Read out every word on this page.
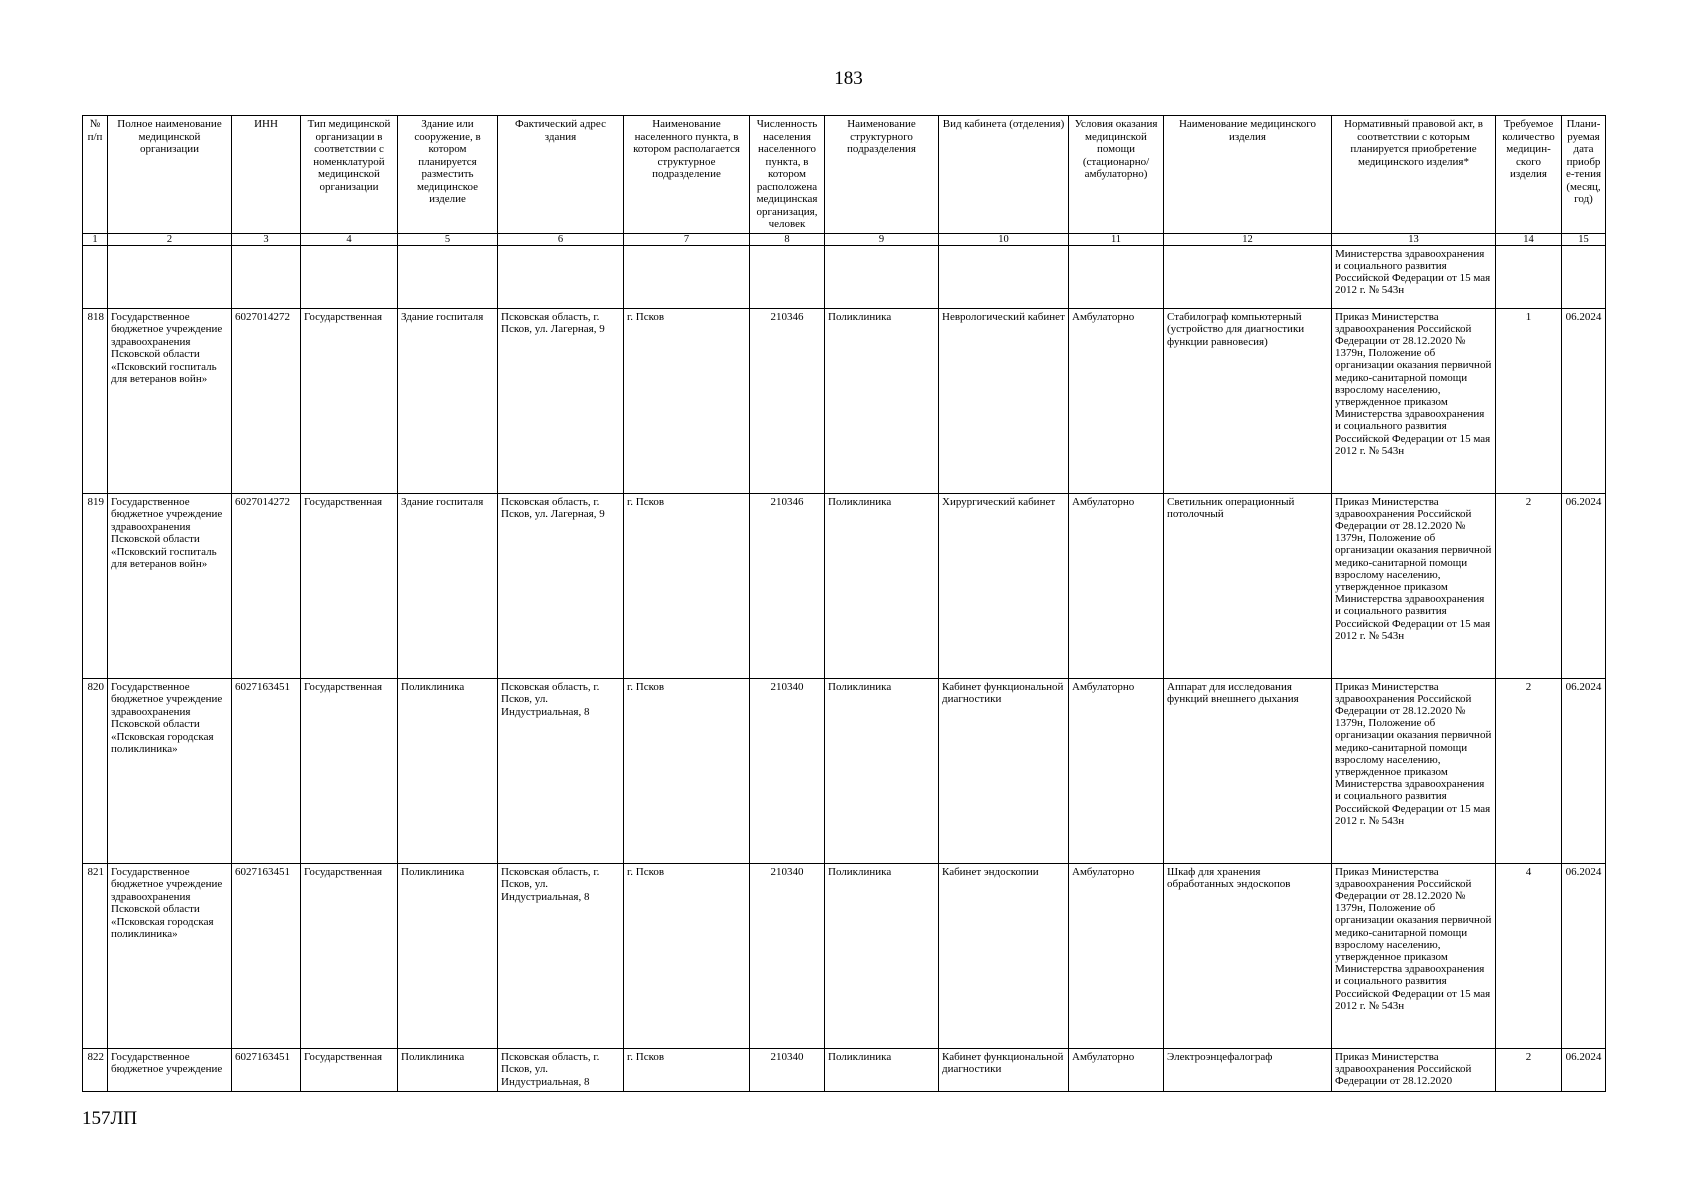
183
№ п/п	Полное наименование медицинской организации	ИНН	Тип медицинской организации в соответствии с номенклатурой медицинской организации	Здание или сооружение, в котором планируется разместить медицинское изделие	Фактический адрес здания	Наименование населенного пункта, в котором располагается структурное подразделение	Численность населения населенного пункта, в котором расположена медицинская организация, человек	Наименование структурного подразделения	Вид кабинета (отделения)	Условия оказания медицинской помощи (стационарно/ амбулаторно)	Наименование медицинского изделия	Нормативный правовой акт, в соответствии с которым планируется приобретение медицинского изделия*	Требуемое количество медицин-ского изделия	Плани-руемая дата приобре-тения (месяц, год)
1	2	3	4	5	6	7	8	9	10	11	12	13	14	15
												Министерства здравоохранения и социального развития Российской Федерации от 15 мая 2012 г. № 543н		
818	Государственное бюджетное учреждение здравоохранения Псковской области «Псковский госпиталь для ветеранов войн»	6027014272	Государственная	Здание госпиталя	Псковская область, г. Псков, ул. Лагерная, 9	г. Псков	210346	Поликлиника	Неврологический кабинет	Амбулаторно	Стабилограф компьютерный (устройство для диагностики функции равновесия)	Приказ Министерства здравоохранения Российской Федерации от 28.12.2020 № 1379н, Положение об организации оказания первичной медико-санитарной помощи взрослому населению, утвержденное приказом Министерства здравоохранения и социального развития Российской Федерации от 15 мая 2012 г. № 543н	1	06.2024
819	Государственное бюджетное учреждение здравоохранения Псковской области «Псковский госпиталь для ветеранов войн»	6027014272	Государственная	Здание госпиталя	Псковская область, г. Псков, ул. Лагерная, 9	г. Псков	210346	Поликлиника	Хирургический кабинет	Амбулаторно	Светильник операционный потолочный	Приказ Министерства здравоохранения Российской Федерации от 28.12.2020 № 1379н, Положение об организации оказания первичной медико-санитарной помощи взрослому населению, утвержденное приказом Министерства здравоохранения и социального развития Российской Федерации от 15 мая 2012 г. № 543н	2	06.2024
820	Государственное бюджетное учреждение здравоохранения Псковской области «Псковская городская поликлиника»	6027163451	Государственная	Поликлиника	Псковская область, г. Псков, ул. Индустриальная, 8	г. Псков	210340	Поликлиника	Кабинет функциональной диагностики	Амбулаторно	Аппарат для исследования функций внешнего дыхания	Приказ Министерства здравоохранения Российской Федерации от 28.12.2020 № 1379н, Положение об организации оказания первичной медико-санитарной помощи взрослому населению, утвержденное приказом Министерства здравоохранения и социального развития Российской Федерации от 15 мая 2012 г. № 543н	2	06.2024
821	Государственное бюджетное учреждение здравоохранения Псковской области «Псковская городская поликлиника»	6027163451	Государственная	Поликлиника	Псковская область, г. Псков, ул. Индустриальная, 8	г. Псков	210340	Поликлиника	Кабинет эндоскопии	Амбулаторно	Шкаф для хранения обработанных эндоскопов	Приказ Министерства здравоохранения Российской Федерации от 28.12.2020 № 1379н, Положение об организации оказания первичной медико-санитарной помощи взрослому населению, утвержденное приказом Министерства здравоохранения и социального развития Российской Федерации от 15 мая 2012 г. № 543н	4	06.2024
822	Государственное бюджетное учреждение	6027163451	Государственная	Поликлиника	Псковская область, г. Псков, ул. Индустриальная, 8	г. Псков	210340	Поликлиника	Кабинет функциональной диагностики	Амбулаторно	Электроэнцефалограф	Приказ Министерства здравоохранения Российской Федерации от 28.12.2020	2	06.2024
157ЛП
